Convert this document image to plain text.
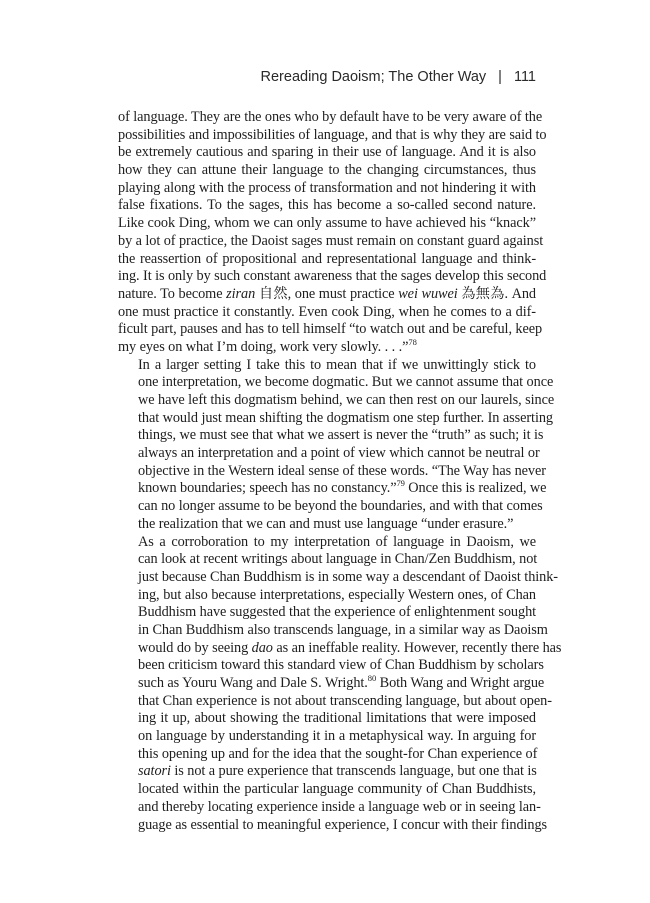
Rereading Daoism; The Other Way | 111

of language. They are the ones who by default have to be very aware of the
possibilities and impossibilities of language, and that is why they are said to
be extremely cautious and sparing in their use of language. And it is also
how they can attune their language to the changing circumstances, thus
playing along with the process of transformation and not hindering it with
false fixations. To the sages, this has become a so-called second nature.
Like cook Ding, whom we can only assume to have achieved his “knack”
by a lot of practice, the Daoist sages must remain on constant guard against
the reassertion of propositional and representational language and think-
ing. It is only by such constant awareness that the sages develop this second
nature. To become ziran 自然, one must practice wei wuwei 為無為. And
one must practice it constantly. Even cook Ding, when he comes to a dif-
ficult part, pauses and has to tell himself “to watch out and be careful, keep
my eyes on what I’m doing, work very slowly. . . .”$^{78}$

In a larger setting I take this to mean that if we unwittingly stick to
one interpretation, we become dogmatic. But we cannot assume that once
we have left this dogmatism behind, we can then rest on our laurels, since
that would just mean shifting the dogmatism one step further. In asserting
things, we must see that what we assert is never the “truth” as such; it is
always an interpretation and a point of view which cannot be neutral or
objective in the Western ideal sense of these words. “The Way has never
known boundaries; speech has no constancy.”$^{79}$ Once this is realized, we
can no longer assume to be beyond the boundaries, and with that comes
the realization that we can and must use language “under erasure.”

As a corroboration to my interpretation of language in Daoism, we
can look at recent writings about language in Chan/Zen Buddhism, not
just because Chan Buddhism is in some way a descendant of Daoist think-
ing, but also because interpretations, especially Western ones, of Chan
Buddhism have suggested that the experience of enlightenment sought
in Chan Buddhism also transcends language, in a similar way as Daoism
would do by seeing dao as an ineffable reality. However, recently there has
been criticism toward this standard view of Chan Buddhism by scholars
such as Youru Wang and Dale S. Wright.$^{80}$ Both Wang and Wright argue
that Chan experience is not about transcending language, but about open-
ing it up, about showing the traditional limitations that were imposed
on language by understanding it in a metaphysical way. In arguing for
this opening up and for the idea that the sought-for Chan experience of
satori is not a pure experience that transcends language, but one that is
located within the particular language community of Chan Buddhists,
and thereby locating experience inside a language web or in seeing lan-
guage as essential to meaningful experience, I concur with their findings
